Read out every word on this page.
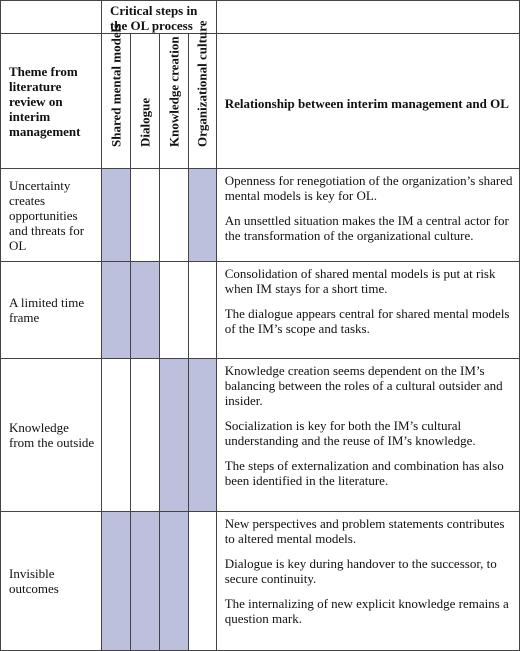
	Critical steps in the OL process				
Theme from literature review on interim management	Shared mental models	Dialogue	Knowledge creation	Organizational culture	Relationship between interim management and OL
Uncertainty creates opportunities and threats for OL					Openness for renegotiation of the organization’s shared mental models is key for OL.

An unsettled situation makes the IM a central actor for the transformation of the organizational culture.

A limited time frame					Consolidation of shared mental models is put at risk when IM stays for a short time.

The dialogue appears central for shared mental models of the IM’s scope and tasks.

Knowledge from the outside					Knowledge creation seems dependent on the IM’s balancing between the roles of a cultural outsider and insider.

Socialization is key for both the IM’s cultural understanding and the reuse of IM’s knowledge.

The steps of externalization and combination has also been identified in the literature.

Invisible outcomes					New perspectives and problem statements contributes to altered mental models.

Dialogue is key during handover to the successor, to secure continuity.

The internalizing of new explicit knowledge remains a question mark.
